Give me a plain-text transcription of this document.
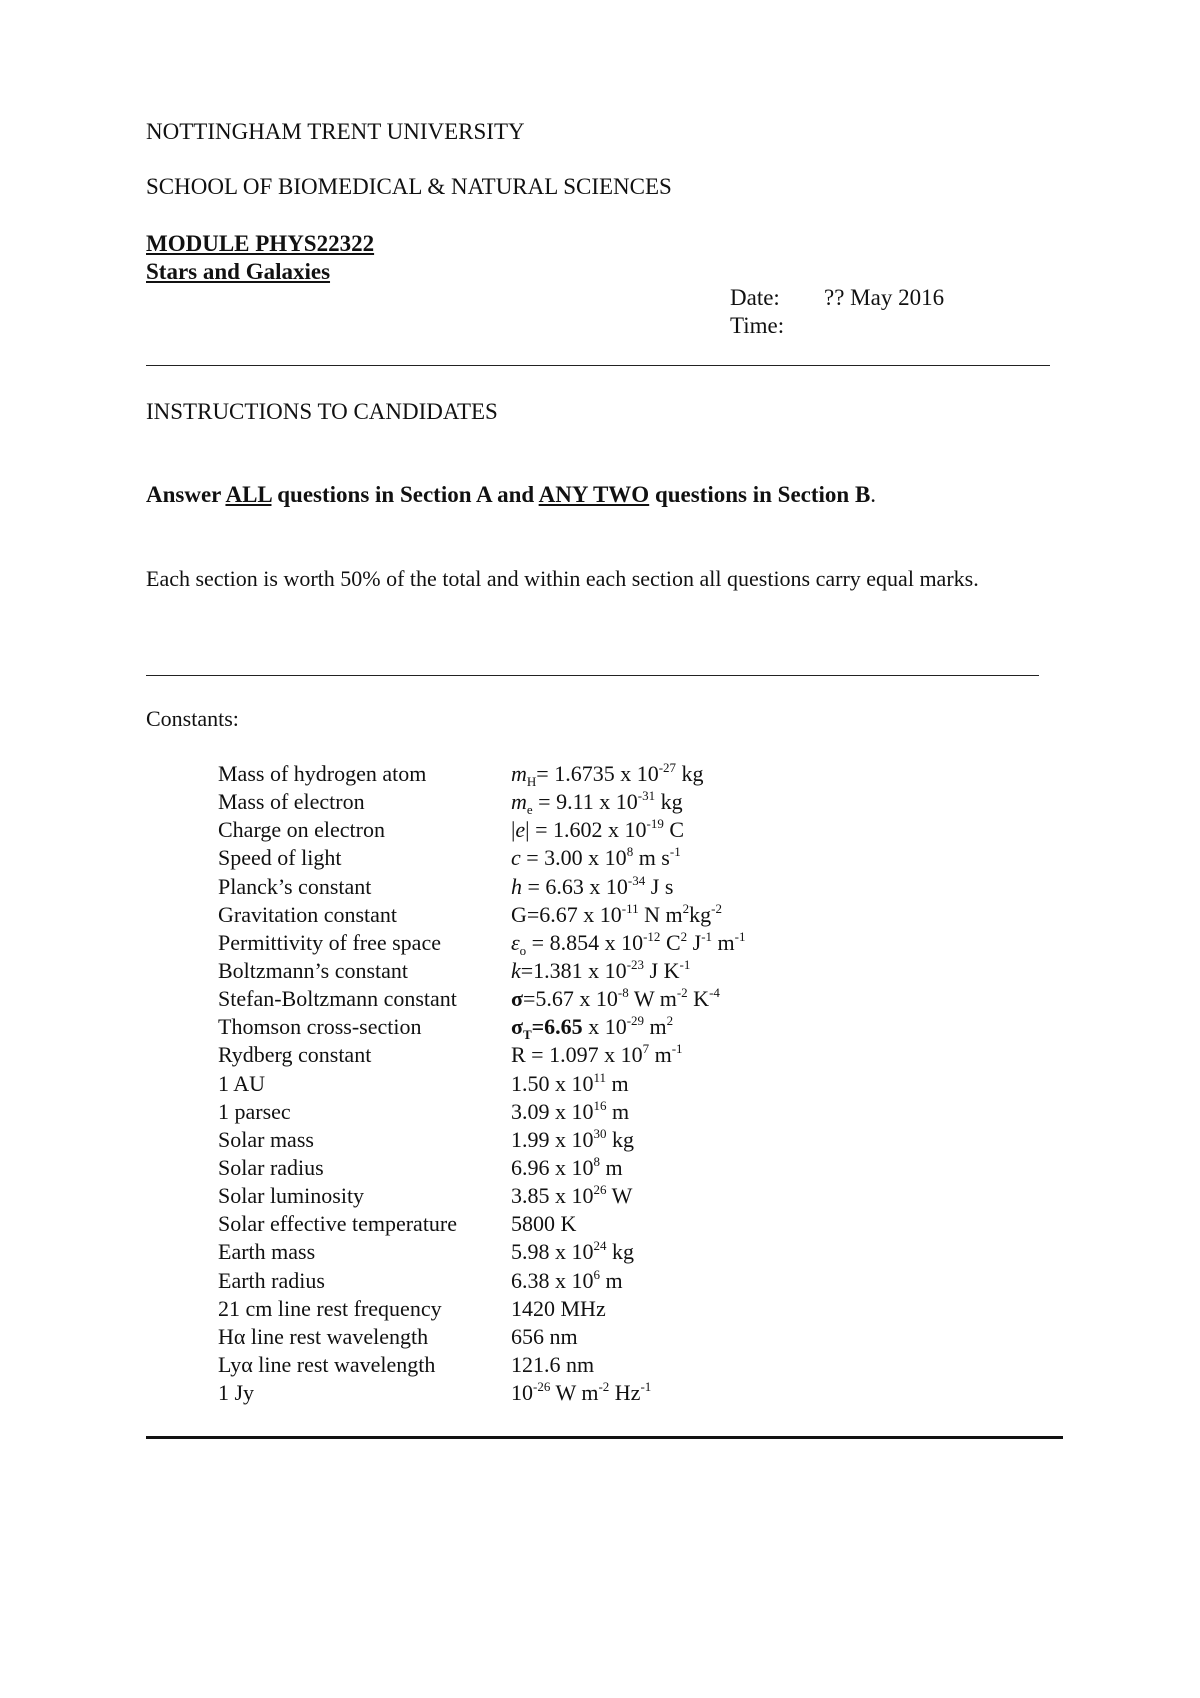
NOTTINGHAM TRENT UNIVERSITY
SCHOOL OF BIOMEDICAL & NATURAL SCIENCES
MODULE PHYS22322
Stars and Galaxies
Date: ?? May 2016
Time:
INSTRUCTIONS TO CANDIDATES
Answer ALL questions in Section A and ANY TWO questions in Section B.
Each section is worth 50% of the total and within each section all questions carry equal marks.
Constants:
Mass of hydrogen atom	$m_H= 1.6735$ x $10^{-27}$ kg
Mass of electron	$m_e = 9.11$ x $10^{-31}$ kg
Charge on electron	|e| = 1.602 x $10^{-19}$ C
Speed of light	c = 3.00 x $10^8$ m $s^{-1}$
Planck’s constant	h = 6.63 x $10^{-34}$ J s
Gravitation constant	G=6.67 x $10^{-11}$ N $m^2kg^{-2}$
Permittivity of free space	$\varepsilon_o = 8.854$ x $10^{-12}$ $C^2$ $J^{-1}$ $m^{-1}$
Boltzmann’s constant	k=1.381 x $10^{-23}$ J $K^{-1}$
Stefan-Boltzmann constant	σ=5.67 x $10^{-8}$ W $m^{-2}$ $K^{-4}$
Thomson cross-section	$\sigma_T=6.65$ x $10^{-29}$ $m^2$
Rydberg constant	R = 1.097 x $10^7$ $m^{-1}$
1 AU	1.50 x $10^{11}$ m
1 parsec	3.09 x $10^{16}$ m
Solar mass	1.99 x $10^{30}$ kg
Solar radius	6.96 x $10^8$ m
Solar luminosity	3.85 x $10^{26}$ W
Solar effective temperature	5800 K
Earth mass	5.98 x $10^{24}$ kg
Earth radius	6.38 x $10^6$ m
21 cm line rest frequency	1420 MHz
Hα line rest wavelength	656 nm
Lyα line rest wavelength	121.6 nm
1 Jy	$10^{-26}$ W $m^{-2}$ $Hz^{-1}$
